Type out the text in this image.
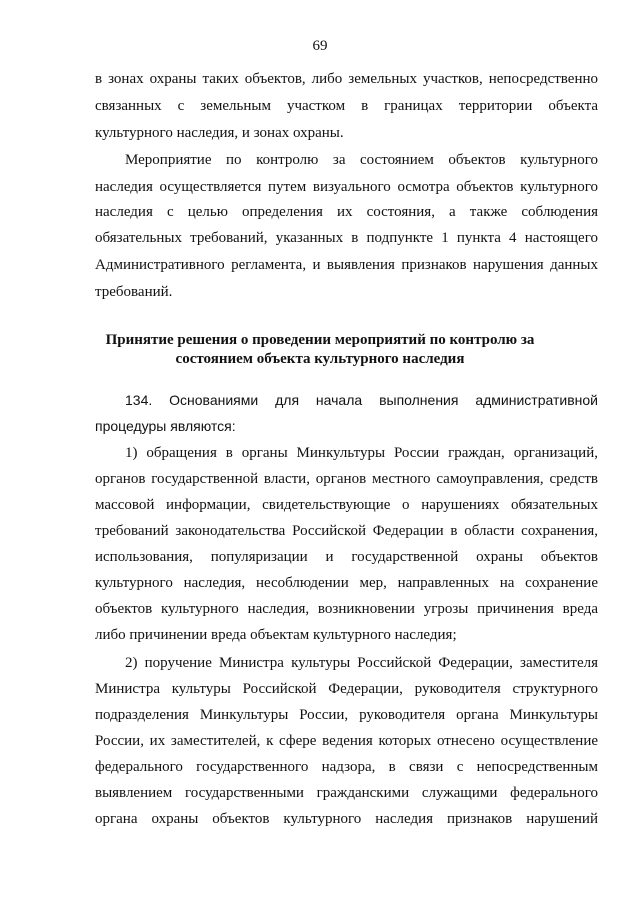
69
в зонах охраны таких объектов, либо земельных участков, непосредственно
связанных с земельным участком в границах территории объекта
культурного наследия, и зонах охраны.
Мероприятие по контролю за состоянием объектов культурного
наследия осуществляется путем визуального осмотра объектов культурного
наследия с целью определения их состояния, а также соблюдения
обязательных требований, указанных в подпункте 1 пункта 4 настоящего
Административного регламента, и выявления признаков нарушения данных
требований.
Принятие решения о проведении мероприятий по контролю за
состоянием объекта культурного наследия
134. Основаниями для начала выполнения административной
процедуры являются:
1) обращения в органы Минкультуры России граждан, организаций,
органов государственной власти, органов местного самоуправления, средств
массовой информации, свидетельствующие о нарушениях обязательных
требований законодательства Российской Федерации в области сохранения,
использования, популяризации и государственной охраны объектов
культурного наследия, несоблюдении мер, направленных на сохранение
объектов культурного наследия, возникновении угрозы причинения вреда
либо причинении вреда объектам культурного наследия;
2) поручение Министра культуры Российской Федерации, заместителя
Министра культуры Российской Федерации, руководителя структурного
подразделения Минкультуры России, руководителя органа Минкультуры
России, их заместителей, к сфере ведения которых отнесено осуществление
федерального государственного надзора, в связи с непосредственным
выявлением государственными гражданскими служащими федерального
органа охраны объектов культурного наследия признаков нарушений
